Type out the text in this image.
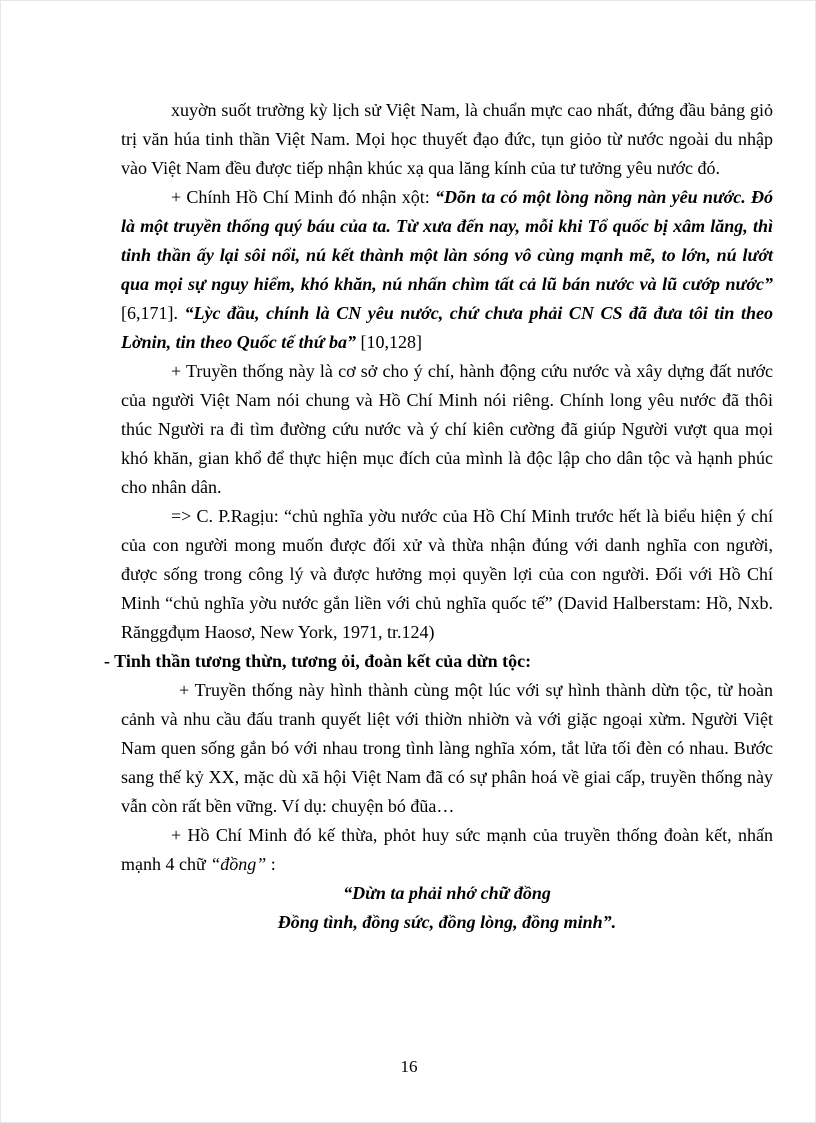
xuyờn suốt trường kỳ lịch sử Việt Nam, là chuẩn mực cao nhất, đứng đầu bảng giỏ trị văn húa tinh thần Việt Nam. Mọi học thuyết đạo đức, tụn giỏo từ nước ngoài du nhập vào Việt Nam đều được tiếp nhận khúc xạ qua lăng kính của tư tưởng yêu nước đó.

+ Chính Hồ Chí Minh đó nhận xột: “Dõn ta có một lòng nồng nàn yêu nước. Đó là một truyền thống quý báu của ta. Từ xưa đến nay, mỗi khi Tổ quốc bị xâm lăng, thì tinh thần ấy lại sôi nổi, nú kết thành một làn sóng vô cùng mạnh mẽ, to lớn, nú lướt qua mọi sự nguy hiểm, khó khăn, nú nhấn chìm tất cả lũ bán nước và lũ cướp nước” [6,171]. “Lỳc đầu, chính là CN yêu nước, chứ chưa phải CN CS đã đưa tôi tin theo Lờnin, tin theo Quốc tế thứ ba” [10,128]

+ Truyền thống này là cơ sở cho ý chí, hành động cứu nước và xây dựng đất nước của người Việt Nam nói chung và Hồ Chí Minh nói riêng. Chính long yêu nước đã thôi thúc Người ra đi tìm đường cứu nước và ý chí kiên cường đã giúp Người vượt qua mọi khó khăn, gian khổ để thực hiện mục đích của mình là độc lập cho dân tộc và hạnh phúc cho nhân dân.

=> C. P.Ragịu: “chủ nghĩa yờu nước của Hồ Chí Minh trước hết là biểu hiện ý chí của con người mong muốn được đối xử và thừa nhận đúng với danh nghĩa con người, được sống trong công lý và được hưởng mọi quyền lợi của con người. Đối với Hồ Chí Minh “chủ nghĩa yờu nước gắn liền với chủ nghĩa quốc tế” (David Halberstam: Hồ, Nxb. Rănggđụm Haosơ, New York, 1971, tr.124)

- Tinh thần tương thừn, tương ỏi, đoàn kết của dừn tộc:

+ Truyền thống này hình thành cùng một lúc với sự hình thành dừn tộc, từ hoàn cảnh và nhu cầu đấu tranh quyết liệt với thiờn nhiờn và với giặc ngoại xừm. Người Việt Nam quen sống gắn bó với nhau trong tình làng nghĩa xóm, tắt lửa tối đèn có nhau. Bước sang thế kỷ XX, mặc dù xã hội Việt Nam đã có sự phân hoá về giai cấp, truyền thống này vẫn còn rất bền vững. Ví dụ: chuyện bó đũa…

+ Hồ Chí Minh đó kế thừa, phỏt huy sức mạnh của truyền thống đoàn kết, nhấn mạnh 4 chữ “đồng” :

“Dừn ta phải nhớ chữ đồng

Đồng tình, đồng sức, đồng lòng, đồng minh”.

16
